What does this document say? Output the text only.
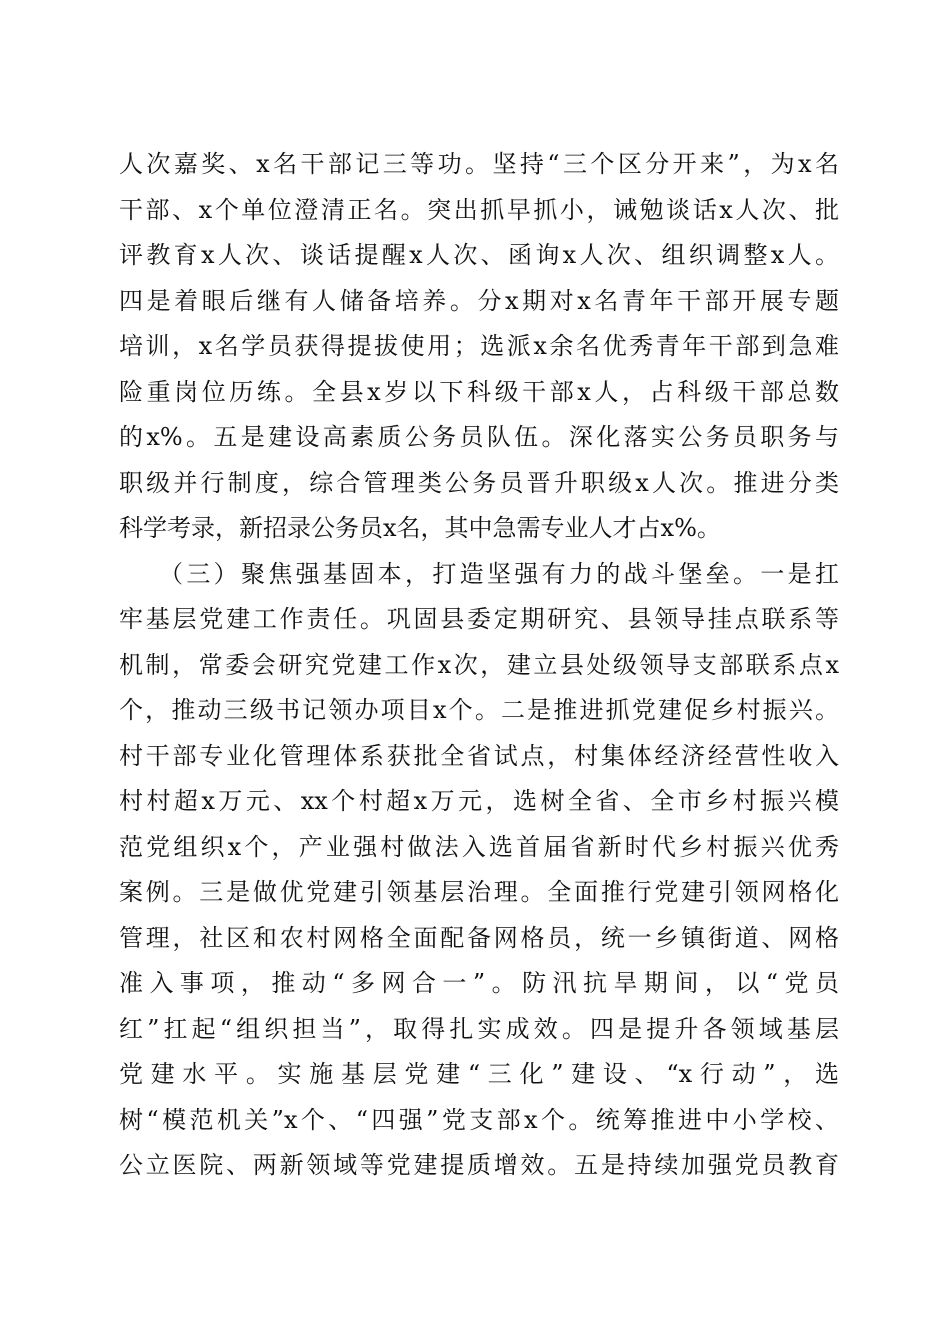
人次嘉奖、x名干部记三等功。坚持“三个区分开来”，为x名
干部、x个单位澄清正名。突出抓早抓小，诫勉谈话x人次、批
评教育x人次、谈话提醒x人次、函询x人次、组织调整x人。
四是着眼后继有人储备培养。分x期对x名青年干部开展专题
培训，x名学员获得提拔使用；选派x余名优秀青年干部到急难
险重岗位历练。全县x岁以下科级干部x人，占科级干部总数
的x%。五是建设高素质公务员队伍。深化落实公务员职务与
职级并行制度，综合管理类公务员晋升职级x人次。推进分类
科学考录，新招录公务员x名，其中急需专业人才占x%。
（三）聚焦强基固本，打造坚强有力的战斗堡垒。一是扛
牢基层党建工作责任。巩固县委定期研究、县领导挂点联系等
机制，常委会研究党建工作x次，建立县处级领导支部联系点x
个，推动三级书记领办项目x个。二是推进抓党建促乡村振兴。
村干部专业化管理体系获批全省试点，村集体经济经营性收入
村村超x万元、xx个村超x万元，选树全省、全市乡村振兴模
范党组织x个，产业强村做法入选首届省新时代乡村振兴优秀
案例。三是做优党建引领基层治理。全面推行党建引领网格化
管理，社区和农村网格全面配备网格员，统一乡镇街道、网格
准入事项，推动“多网合一”。防汛抗旱期间，以“党员
红”扛起“组织担当”，取得扎实成效。四是提升各领域基层
党建水平。实施基层党建“三化”建设、“x行动”，选
树“模范机关”x个、“四强”党支部x个。统筹推进中小学校、
公立医院、两新领域等党建提质增效。五是持续加强党员教育
